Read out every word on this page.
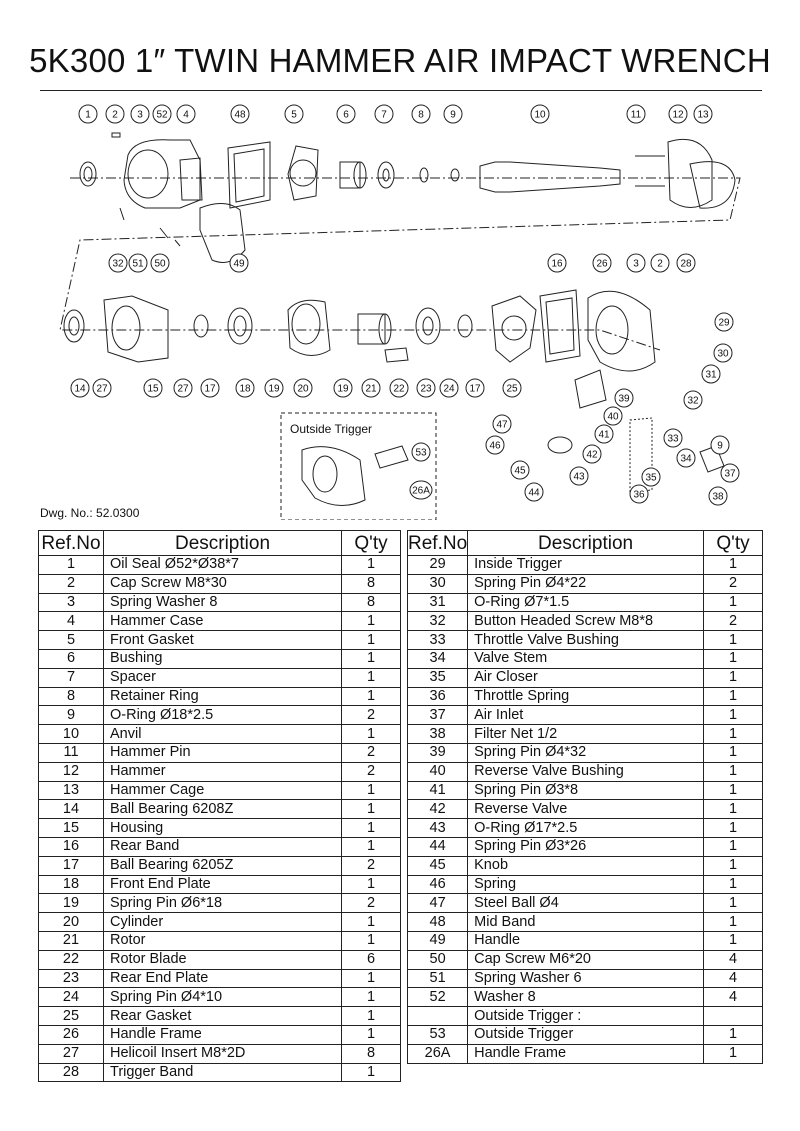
5K300 1″ TWIN HAMMER AIR IMPACT WRENCH
Outside Trigger
1 2 3 52 4	48	5	6	7	8	9	10	11	12 13
32 51 50	49	16	26	3 2 28
29
30
31
32
14 27	15 27 17 18 19 20	19 21 22 23 24 17	25
39
40
41
42
43
44
45
46
47
33
34
35
36
9
37
38
53
26A
Dwg. No.: 52.0300
Ref.No	Description	Q'ty
1	Oil Seal Ø52*Ø38*7	1
2	Cap Screw M8*30	8
3	Spring Washer 8	8
4	Hammer Case	1
5	Front Gasket	1
6	Bushing	1
7	Spacer	1
8	Retainer Ring	1
9	O-Ring Ø18*2.5	2
10	Anvil	1
11	Hammer Pin	2
12	Hammer	2
13	Hammer Cage	1
14	Ball Bearing 6208Z	1
15	Housing	1
16	Rear Band	1
17	Ball Bearing 6205Z	2
18	Front End Plate	1
19	Spring Pin Ø6*18	2
20	Cylinder	1
21	Rotor	1
22	Rotor Blade	6
23	Rear End Plate	1
24	Spring Pin Ø4*10	1
25	Rear Gasket	1
26	Handle Frame	1
27	Helicoil Insert M8*2D	8
28	Trigger Band	1
Ref.No	Description	Q'ty
29	Inside Trigger	1
30	Spring Pin Ø4*22	2
31	O-Ring Ø7*1.5	1
32	Button Headed Screw M8*8	2
33	Throttle Valve Bushing	1
34	Valve Stem	1
35	Air Closer	1
36	Throttle Spring	1
37	Air Inlet	1
38	Filter Net 1/2	1
39	Spring Pin Ø4*32	1
40	Reverse Valve Bushing	1
41	Spring Pin Ø3*8	1
42	Reverse Valve	1
43	O-Ring Ø17*2.5	1
44	Spring Pin Ø3*26	1
45	Knob	1
46	Spring	1
47	Steel Ball Ø4	1
48	Mid Band	1
49	Handle	1
50	Cap Screw M6*20	4
51	Spring Washer 6	4
52	Washer 8	4
	Outside Trigger :	
53	Outside Trigger	1
26A	Handle Frame	1
